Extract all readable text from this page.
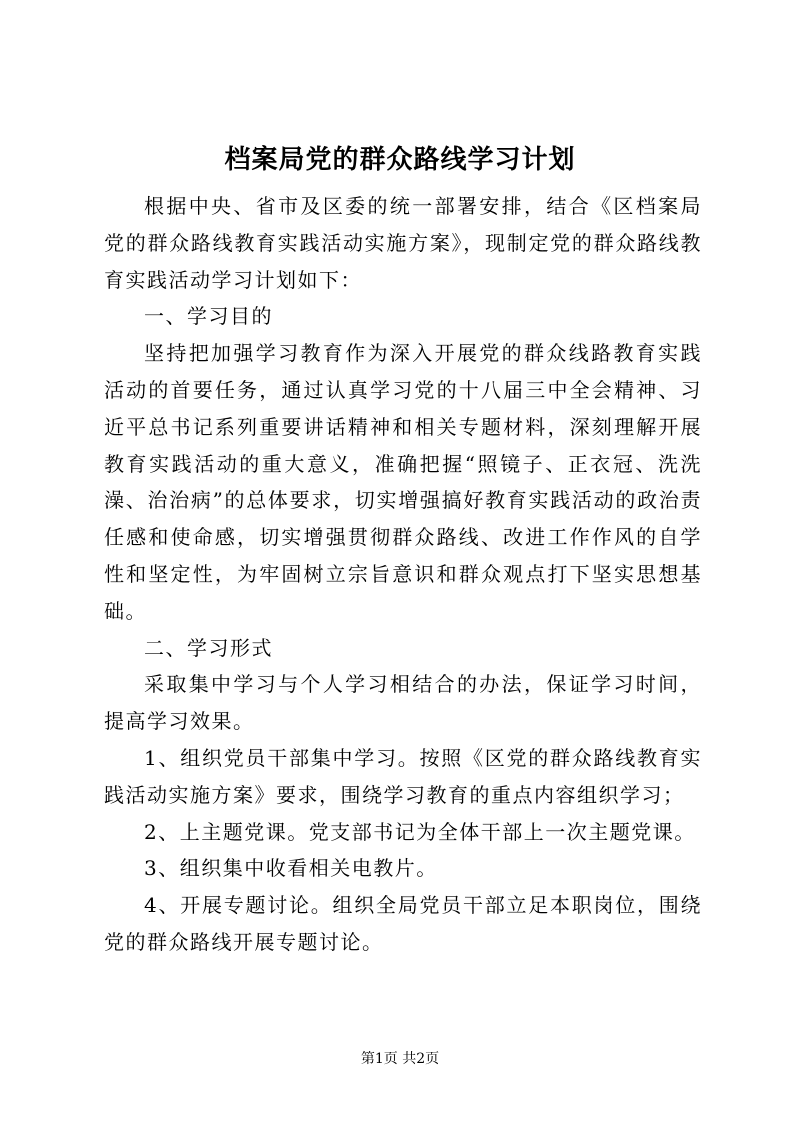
档案局党的群众路线学习计划

根据中央、省市及区委的统一部署安排，结合《区档案局党的群众路线教育实践活动实施方案》，现制定党的群众路线教育实践活动学习计划如下：

一、学习目的

坚持把加强学习教育作为深入开展党的群众线路教育实践活动的首要任务，通过认真学习党的十八届三中全会精神、习近平总书记系列重要讲话精神和相关专题材料，深刻理解开展教育实践活动的重大意义，准确把握“照镜子、正衣冠、洗洗澡、治治病”的总体要求，切实增强搞好教育实践活动的政治责任感和使命感，切实增强贯彻群众路线、改进工作作风的自学性和坚定性，为牢固树立宗旨意识和群众观点打下坚实思想基础。

二、学习形式

采取集中学习与个人学习相结合的办法，保证学习时间，提高学习效果。

1、组织党员干部集中学习。按照《区党的群众路线教育实践活动实施方案》要求，围绕学习教育的重点内容组织学习；

2、上主题党课。党支部书记为全体干部上一次主题党课。

3、组织集中收看相关电教片。

4、开展专题讨论。组织全局党员干部立足本职岗位，围绕党的群众路线开展专题讨论。

第1页 共2页
